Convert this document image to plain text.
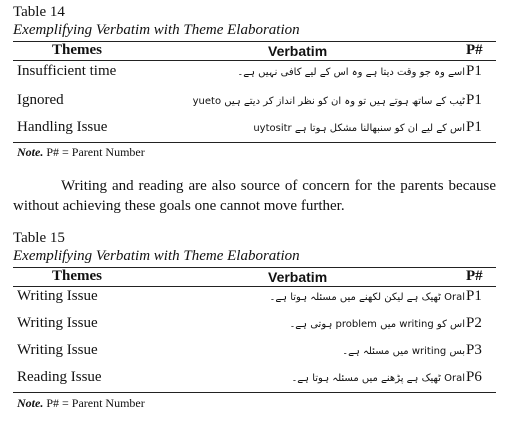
Table 14
Exemplifying Verbatim with Theme Elaboration
Themes	Verbatim	P#
Insufficient time	اسے وہ جو وقت دیتا ہے وہ اس کے لیے کافی نہیں ہے۔ P1
Ignored	ٹیب کے ساتھ ہوتے ہیں تو وہ ان کو نظر انداز کر دیتے ہیں yueto P1
Handling Issue	اس کے لیے ان کو سنبھالنا مشکل ہوتا ہے uytositr P1
Note. P# = Parent Number
Writing and reading are also source of concern for the parents because without achieving these goals one cannot move further.
Table 15
Exemplifying Verbatim with Theme Elaboration
Themes	Verbatim	P#
Writing Issue	Oral ٹھیک ہے لیکن لکھنے میں مسئلہ ہوتا ہے۔ P1
Writing Issue	اس کو writing میں problem ہوتی ہے۔ P2
Writing Issue	بس writing میں مسئلہ ہے۔ P3
Reading Issue	Oral ٹھیک ہے پڑھنے میں مسئلہ ہوتا ہے۔ P6
Note. P# = Parent Number
